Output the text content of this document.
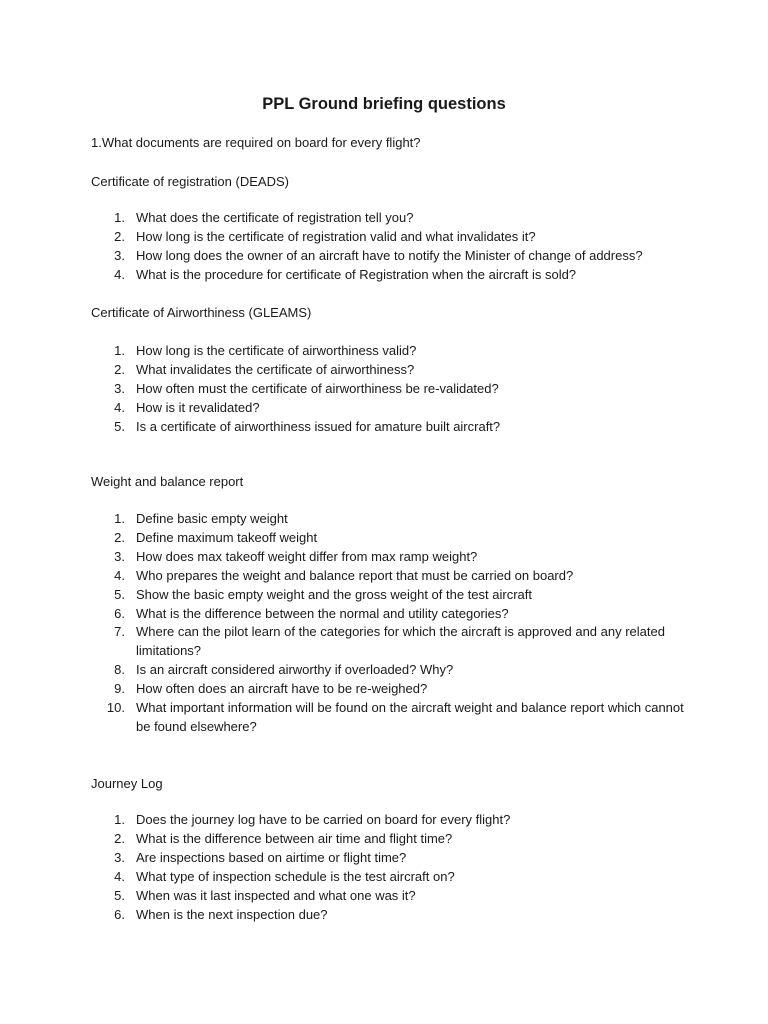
PPL Ground briefing questions

1.What documents are required on board for every flight?

Certificate of registration (DEADS)

1. What does the certificate of registration tell you?
2. How long is the certificate of registration valid and what invalidates it?
3. How long does the owner of an aircraft have to notify the Minister of change of address?
4. What is the procedure for certificate of Registration when the aircraft is sold?

Certificate of Airworthiness (GLEAMS)

1. How long is the certificate of airworthiness valid?
2. What invalidates the certificate of airworthiness?
3. How often must the certificate of airworthiness be re-validated?
4. How is it revalidated?
5. Is a certificate of airworthiness issued for amature built aircraft?

Weight and balance report

1. Define basic empty weight
2. Define maximum takeoff weight
3. How does max takeoff weight differ from max ramp weight?
4. Who prepares the weight and balance report that must be carried on board?
5. Show the basic empty weight and the gross weight of the test aircraft
6. What is the difference between the normal and utility categories?
7. Where can the pilot learn of the categories for which the aircraft is approved and any related limitations?
8. Is an aircraft considered airworthy if overloaded? Why?
9. How often does an aircraft have to be re-weighed?
10. What important information will be found on the aircraft weight and balance report which cannot be found elsewhere?

Journey Log

1. Does the journey log have to be carried on board for every flight?
2. What is the difference between air time and flight time?
3. Are inspections based on airtime or flight time?
4. What type of inspection schedule is the test aircraft on?
5. When was it last inspected and what one was it?
6. When is the next inspection due?
